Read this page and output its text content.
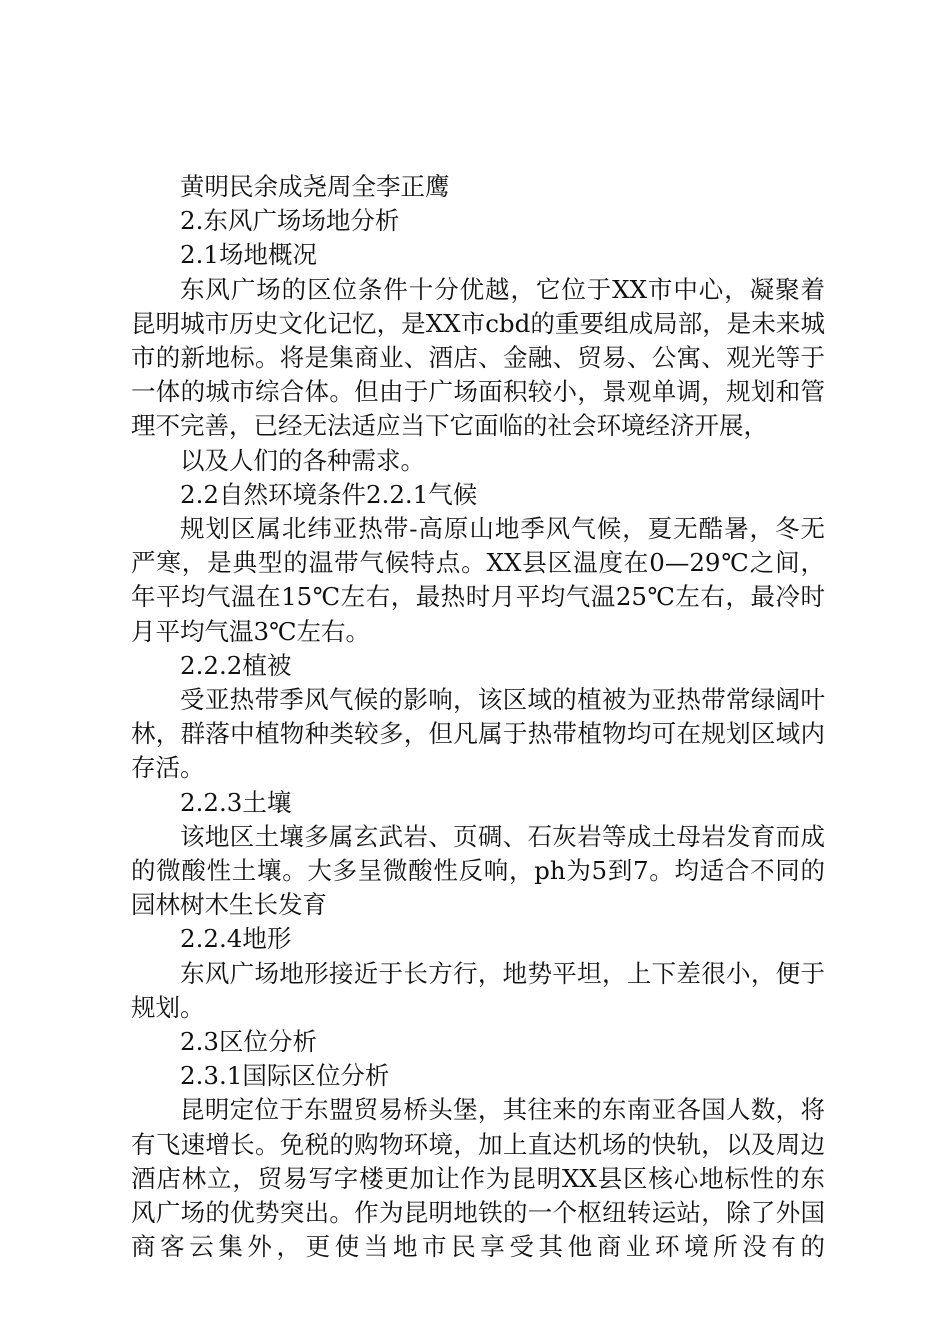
黄明民余成尧周全李正鹰

2.东风广场场地分析

2.1场地概况

东风广场的区位条件十分优越，它位于XX市中心，凝聚着昆明城市历史文化记忆，是XX市cbd的重要组成局部，是未来城市的新地标。将是集商业、酒店、金融、贸易、公寓、观光等于一体的城市综合体。但由于广场面积较小，景观单调，规划和管理不完善，已经无法适应当下它面临的社会环境经济开展，

以及人们的各种需求。

2.2自然环境条件2.2.1气候

规划区属北纬亚热带-高原山地季风气候，夏无酷暑，冬无严寒，是典型的温带气候特点。XX县区温度在0—29℃之间，年平均气温在15℃左右，最热时月平均气温25℃左右，最冷时月平均气温3℃左右。

2.2.2植被

受亚热带季风气候的影响，该区域的植被为亚热带常绿阔叶林，群落中植物种类较多，但凡属于热带植物均可在规划区域内存活。

2.2.3土壤

该地区土壤多属玄武岩、页碉、石灰岩等成土母岩发育而成的微酸性土壤。大多呈微酸性反响，ph为5到7。均适合不同的园林树木生长发育

2.2.4地形

东风广场地形接近于长方行，地势平坦，上下差很小，便于规划。

2.3区位分析

2.3.1国际区位分析

昆明定位于东盟贸易桥头堡，其往来的东南亚各国人数，将有飞速增长。免税的购物环境，加上直达机场的快轨，以及周边酒店林立，贸易写字楼更加让作为昆明XX县区核心地标性的东风广场的优势突出。作为昆明地铁的一个枢纽转运站，除了外国商客云集外，更使当地市民享受其他商业环境所没有的
